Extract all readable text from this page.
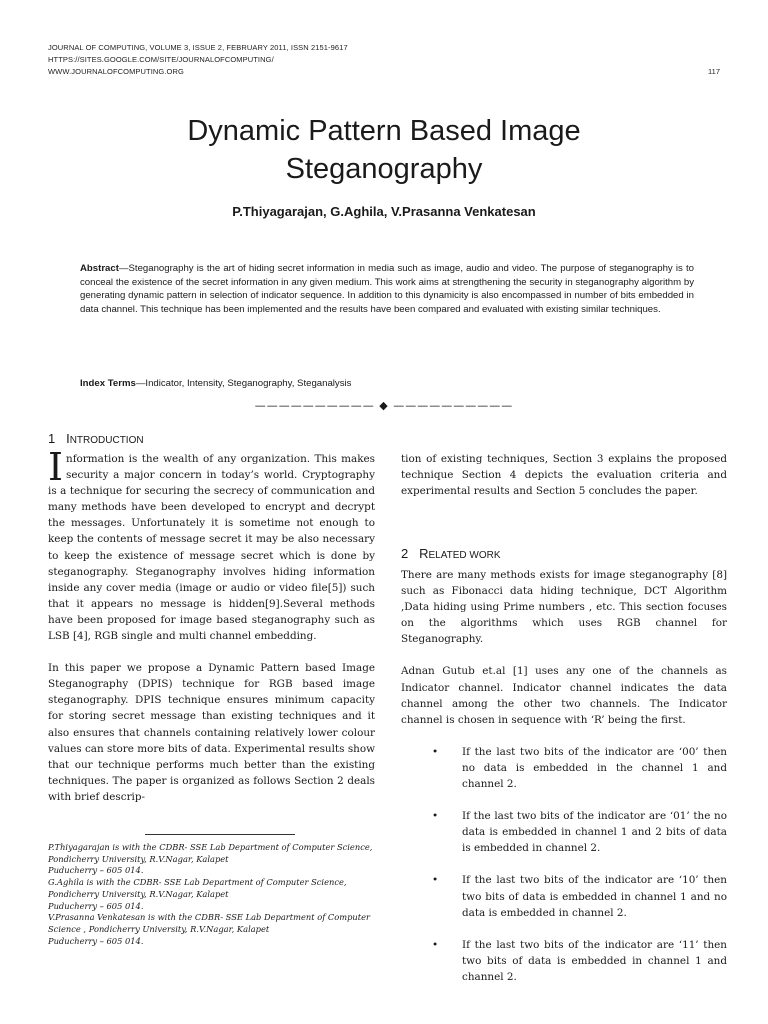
JOURNAL OF COMPUTING, VOLUME 3, ISSUE 2, FEBRUARY 2011, ISSN 2151-9617
HTTPS://SITES.GOOGLE.COM/SITE/JOURNALOFCOMPUTING/
WWW.JOURNALOFCOMPUTING.ORG	117
Dynamic Pattern Based Image
Steganography
P.Thiyagarajan, G.Aghila, V.Prasanna Venkatesan
Abstract—Steganography is the art of hiding secret information in media such as image, audio and video. The purpose of steganography is to conceal the existence of the secret information in any given medium. This work aims at strengthening the security in steganography algorithm by generating dynamic pattern in selection of indicator sequence. In addition to this dynamicity is also encompassed in number of bits embedded in data channel. This technique has been implemented and the results have been compared and evaluated with existing similar techniques.
Index Terms—Indicator, Intensity, Steganography, Steganalysis
—————————— ◆ ——————————
1 INTRODUCTION

Information is the wealth of any organization. This makes security a major concern in today’s world. Cryptography is a technique for securing the secrecy of communication and many methods have been developed to encrypt and decrypt the messages. Unfortunately it is sometime not enough to keep the contents of message secret it may be also necessary to keep the existence of message secret which is done by steganography. Steganography involves hiding information inside any cover media (image or audio or video file[5]) such that it appears no message is hidden[9].Several methods have been proposed for image based steganography such as LSB [4], RGB single and multi channel embedding.

In this paper we propose a Dynamic Pattern based Image Steganography (DPIS) technique for RGB based image steganography. DPIS technique ensures minimum capacity for storing secret message than existing techniques and it also ensures that channels containing relatively lower colour values can store more bits of data. Experimental results show that our technique performs much better than the existing techniques. The paper is organized as follows Section 2 deals with brief descrip-

P.Thiyagarajan is with the CDBR- SSE Lab Department of Computer Science, Pondicherry University, R.V.Nagar, Kalapet
Puducherry – 605 014.
G.Aghila is with the CDBR- SSE Lab Department of Computer Science, Pondicherry University, R.V.Nagar, Kalapet
Puducherry – 605 014.
V.Prasanna Venkatesan is with the CDBR- SSE Lab Department of Computer Science , Pondicherry University, R.V.Nagar, Kalapet
Puducherry – 605 014.

tion of existing techniques, Section 3 explains the proposed technique Section 4 depicts the evaluation criteria and experimental results and Section 5 concludes the paper.

2 RELATED WORK

There are many methods exists for image steganography [8] such as Fibonacci data hiding technique, DCT Algorithm ,Data hiding using Prime numbers , etc. This section focuses on the algorithms which uses RGB channel for Steganography.

Adnan Gutub et.al [1] uses any one of the channels as Indicator channel. Indicator channel indicates the data channel among the other two channels. The Indicator channel is chosen in sequence with ‘R’ being the first.

• If the last two bits of the indicator are ‘00’ then no data is embedded in the channel 1 and channel 2.
• If the last two bits of the indicator are ‘01’ the no data is embedded in channel 1 and 2 bits of data is embedded in channel 2.
• If the last two bits of the indicator are ‘10’ then two bits of data is embedded in channel 1 and no data is embedded in channel 2.
• If the last two bits of the indicator are ‘11’ then two bits of data is embedded in channel 1 and channel 2.
